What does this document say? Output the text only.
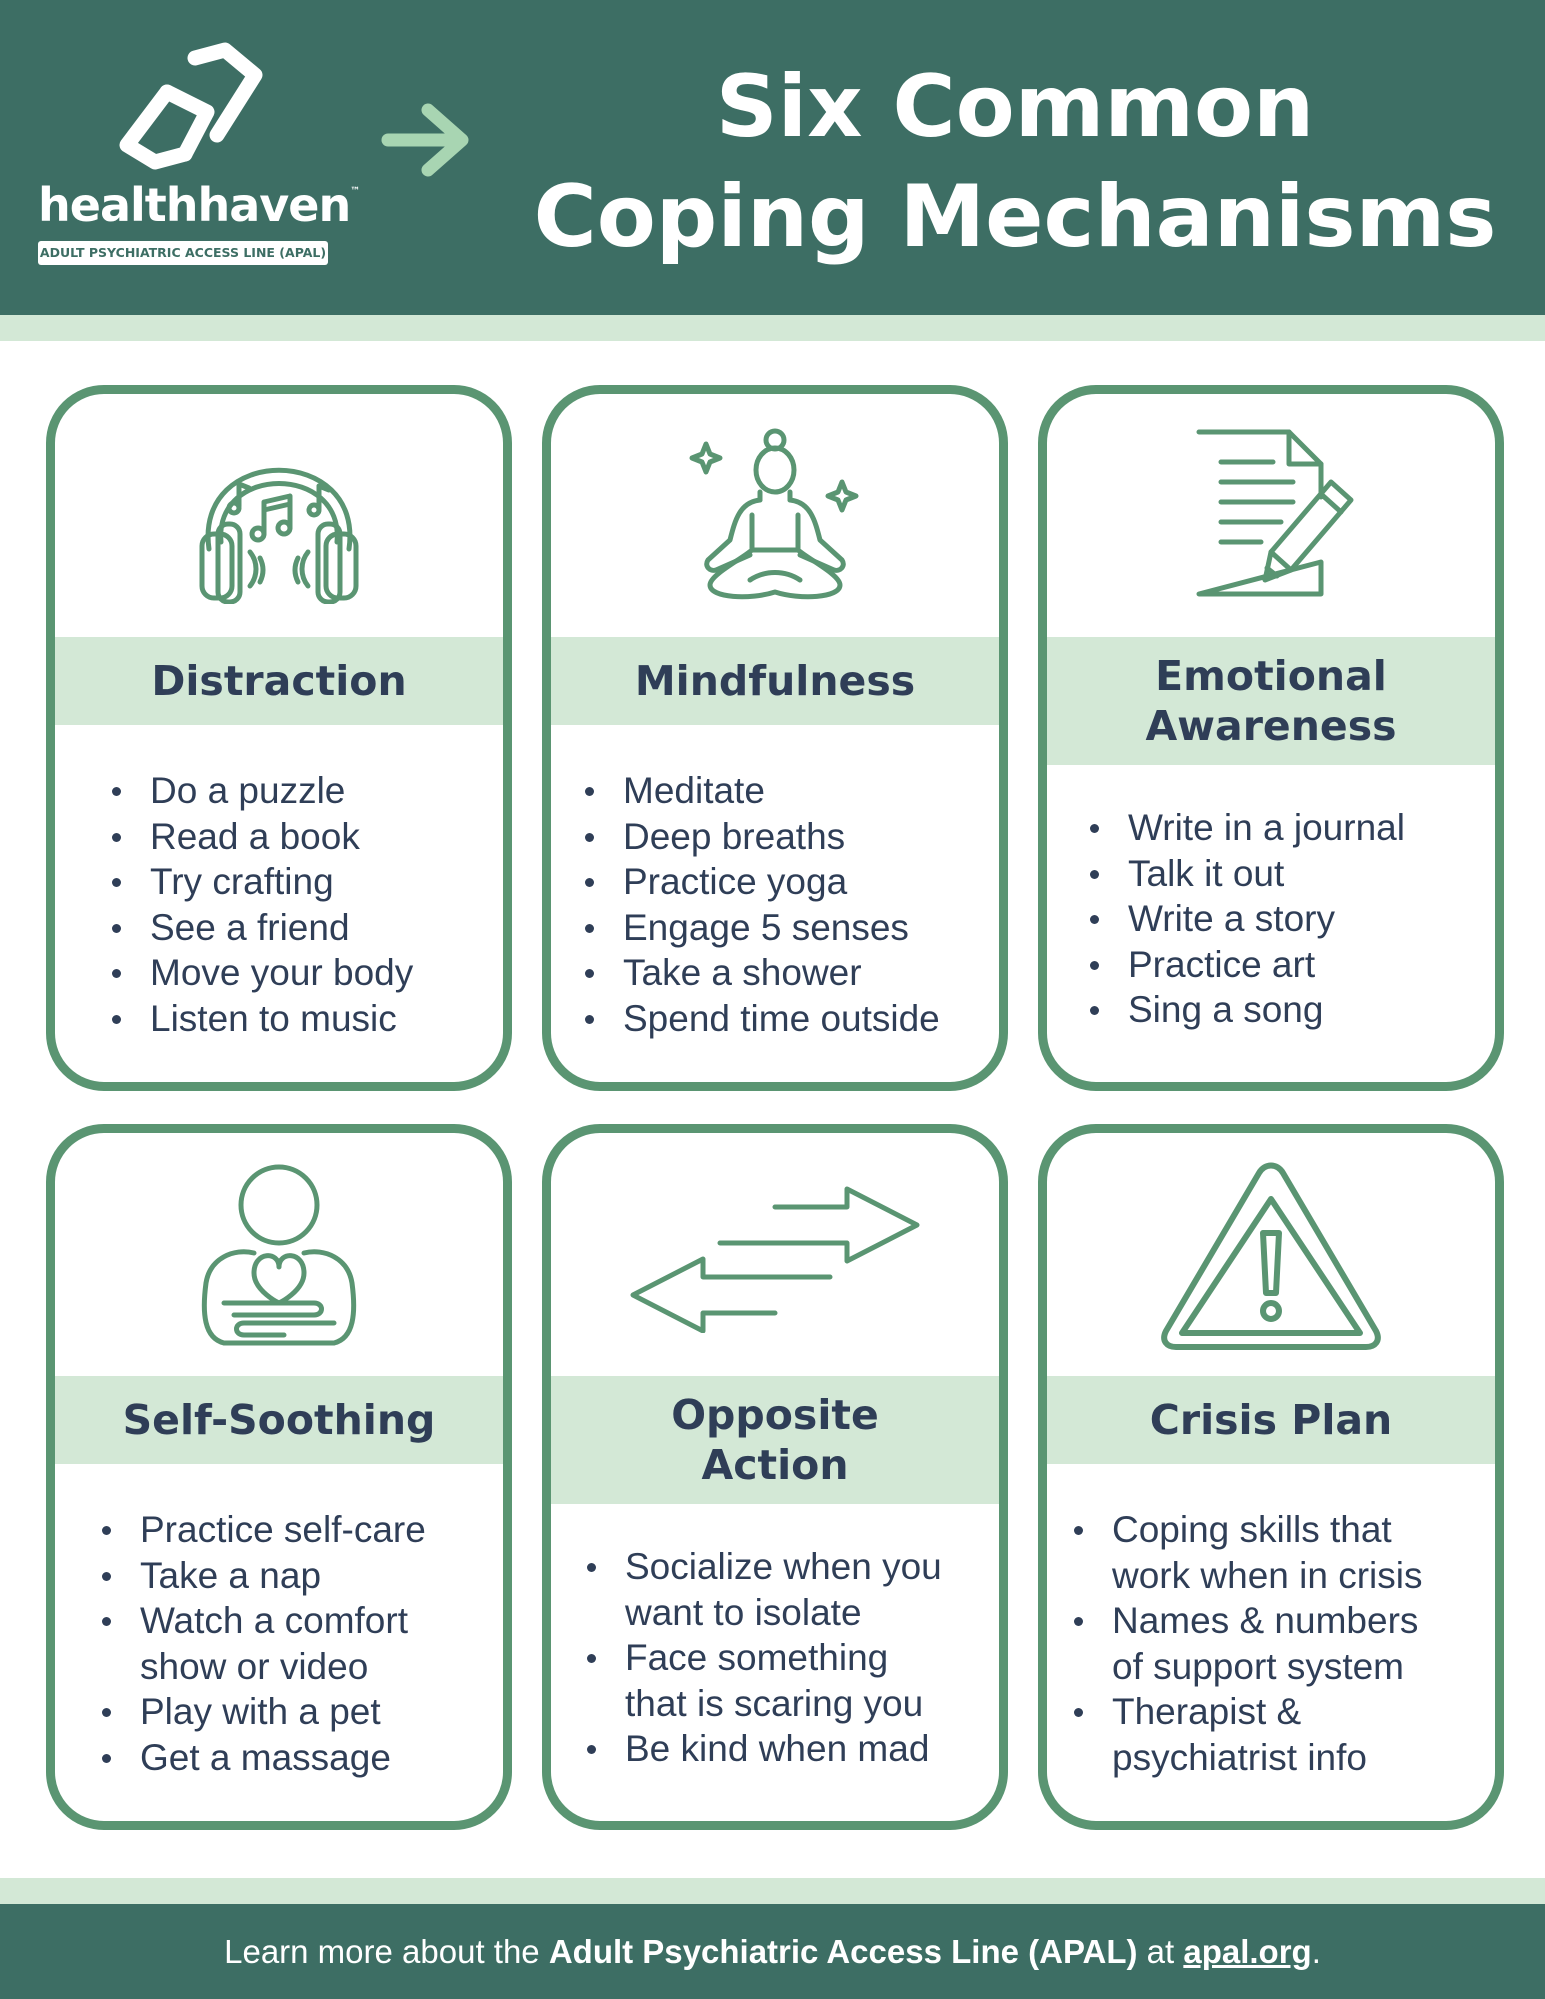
healthhaven™
ADULT PSYCHIATRIC ACCESS LINE (APAL)
Six Common
Coping Mechanisms
Distraction
Do a puzzle
Read a book
Try crafting
See a friend
Move your body
Listen to music
Mindfulness
Meditate
Deep breaths
Practice yoga
Engage 5 senses
Take a shower
Spend time outside
Emotional
Awareness
Write in a journal
Talk it out
Write a story
Practice art
Sing a song
Self-Soothing
Practice self-care
Take a nap
Watch a comfort
show or video
Play with a pet
Get a massage
Opposite
Action
Socialize when you
want to isolate
Face something
that is scaring you
Be kind when mad
Crisis Plan
Coping skills that
work when in crisis
Names & numbers
of support system
Therapist &
psychiatrist info
Learn more about the Adult Psychiatric Access Line (APAL) at apal.org.
